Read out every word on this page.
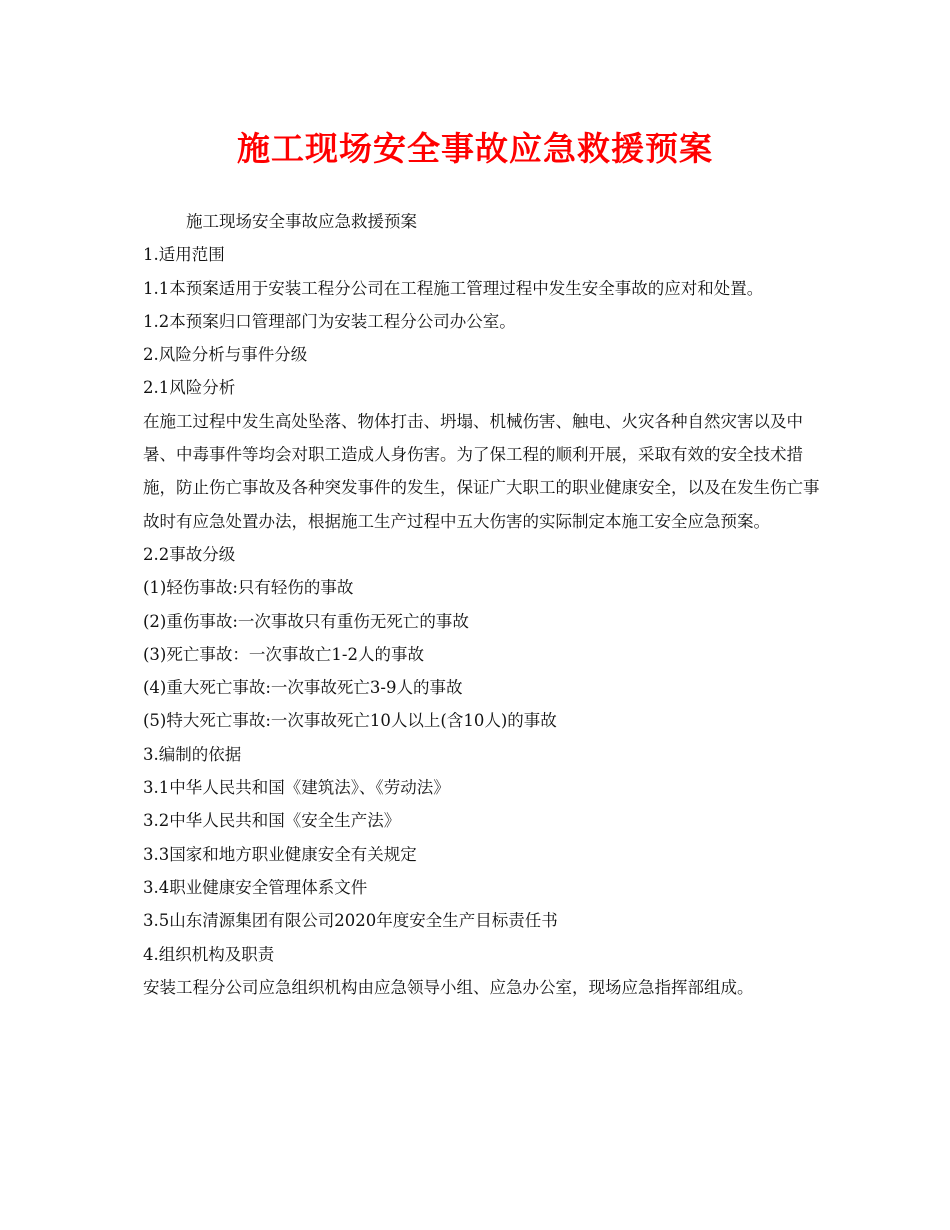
施工现场安全事故应急救援预案

施工现场安全事故应急救援预案

1.适用范围

1.1本预案适用于安装工程分公司在工程施工管理过程中发生安全事故的应对和处置。

1.2本预案归口管理部门为安装工程分公司办公室。

2.风险分析与事件分级

2.1风险分析

在施工过程中发生高处坠落、物体打击、坍塌、机械伤害、触电、火灾各种自然灾害以及中暑、中毒事件等均会对职工造成人身伤害。为了保工程的顺利开展，采取有效的安全技术措施，防止伤亡事故及各种突发事件的发生，保证广大职工的职业健康安全，以及在发生伤亡事故时有应急处置办法，根据施工生产过程中五大伤害的实际制定本施工安全应急预案。

2.2事故分级

(1)轻伤事故:只有轻伤的事故

(2)重伤事故:一次事故只有重伤无死亡的事故

(3)死亡事故：一次事故亡1-2人的事故

(4)重大死亡事故:一次事故死亡3-9人的事故

(5)特大死亡事故:一次事故死亡10人以上(含10人)的事故

3.编制的依据

3.1中华人民共和国《建筑法》、《劳动法》

3.2中华人民共和国《安全生产法》

3.3国家和地方职业健康安全有关规定

3.4职业健康安全管理体系文件

3.5山东清源集团有限公司2020年度安全生产目标责任书

4.组织机构及职责

安装工程分公司应急组织机构由应急领导小组、应急办公室，现场应急指挥部组成。
